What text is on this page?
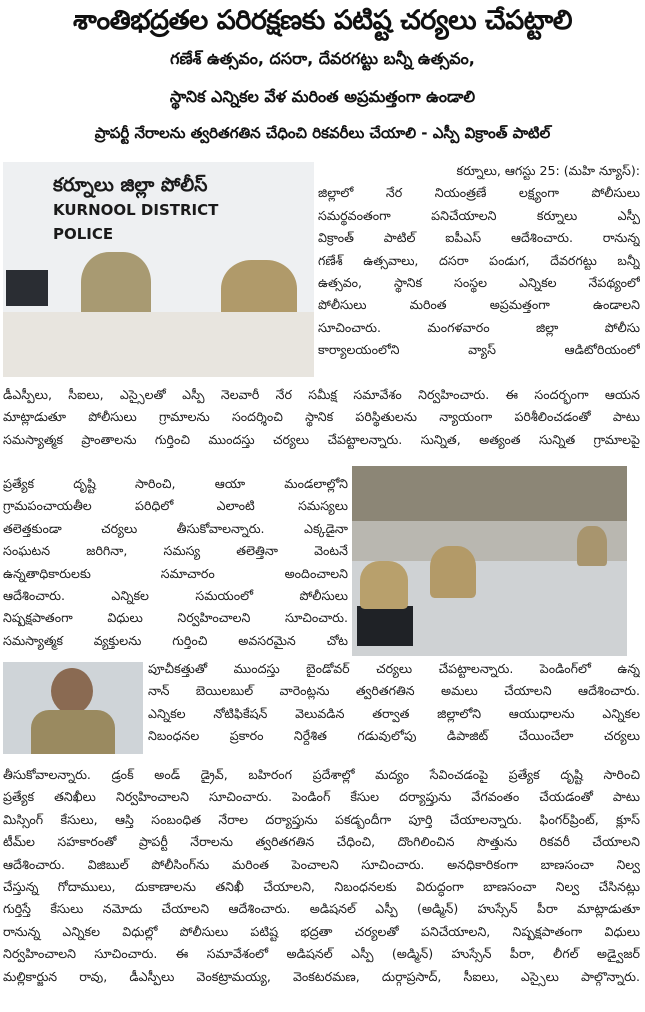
శాంతిభద్రతల పరిరక్షణకు పటిష్ట చర్యలు చేపట్టాలి
గణేశ్ ఉత్సవం, దసరా, దేవరగట్టు బన్నీ ఉత్సవం,
స్థానిక ఎన్నికల వేళ మరింత అప్రమత్తంగా ఉండాలి
ప్రాపర్టీ నేరాలను త్వరితగతిన చేధించి రికవరీలు చేయాలి - ఎస్పీ విక్రాంత్ పాటిల్
కర్నూలు జిల్లా పోలీస్
KURNOOL DISTRICT POLICE
కర్నూలు, ఆగస్టు 25: (మహి న్యూస్):
జిల్లాలో నేర నియంత్రణే లక్ష్యంగా పోలీసులు
సమర్థవంతంగా పనిచేయాలని కర్నూలు ఎస్పీ
విక్రాంత్ పాటిల్ ఐపీఎస్ ఆదేశించారు. రానున్న
గణేశ్ ఉత్సవాలు, దసరా పండుగ, దేవరగట్టు బన్నీ
ఉత్సవం, స్థానిక సంస్థల ఎన్నికల నేపథ్యంలో
పోలీసులు మరింత అప్రమత్తంగా ఉండాలని
సూచించారు. మంగళవారం జిల్లా పోలీసు
కార్యాలయంలోని వ్యాస్ ఆడిటోరియంలో
డీఎస్పీలు, సీఐలు, ఎస్సైలతో ఎస్పీ నెలవారీ నేర సమీక్ష సమావేశం నిర్వహించారు. ఈ సందర్భంగా ఆయన
మాట్లాడుతూ పోలీసులు గ్రామాలను సందర్శించి స్థానిక పరిస్థితులను న్యాయంగా పరిశీలించడంతో పాటు
సమస్యాత్మక ప్రాంతాలను గుర్తించి ముందస్తు చర్యలు చేపట్టాలన్నారు. సున్నిత, అత్యంత సున్నిత గ్రామాలపై
ప్రత్యేక దృష్టి సారించి, ఆయా మండలాల్లోని
గ్రామపంచాయతీల పరిధిలో ఎలాంటి సమస్యలు
తలెత్తకుండా చర్యలు తీసుకోవాలన్నారు. ఎక్కడైనా
సంఘటన జరిగినా, సమస్య తలెత్తినా వెంటనే
ఉన్నతాధికారులకు సమాచారం అందించాలని
ఆదేశించారు. ఎన్నికల సమయంలో పోలీసులు
నిష్పక్షపాతంగా విధులు నిర్వహించాలని సూచించారు.
సమస్యాత్మక వ్యక్తులను గుర్తించి అవసరమైన చోట
పూచీకత్తుతో ముందస్తు బైండోవర్ చర్యలు చేపట్టాలన్నారు. పెండింగ్‌లో ఉన్న
నాన్ బెయిలబుల్ వారెంట్లను త్వరితగతిన అమలు చేయాలని ఆదేశించారు.
ఎన్నికల నోటిఫికేషన్ వెలువడిన తర్వాత జిల్లాలోని ఆయుధాలను ఎన్నికల
నిబంధనల ప్రకారం నిర్దేశిత గడువులోపు డిపాజిట్ చేయించేలా చర్యలు
తీసుకోవాలన్నారు. డ్రంక్ అండ్ డ్రైవ్, బహిరంగ ప్రదేశాల్లో మద్యం సేవించడంపై ప్రత్యేక దృష్టి సారించి
ప్రత్యేక తనిఖీలు నిర్వహించాలని సూచించారు. పెండింగ్ కేసుల దర్యాప్తును వేగవంతం చేయడంతో పాటు
మిస్సింగ్ కేసులు, ఆస్తి సంబంధిత నేరాల దర్యాప్తును పకడ్బందీగా పూర్తి చేయాలన్నారు. ఫింగర్‌ప్రింట్, క్లూస్
టీమ్‌ల సహకారంతో ప్రాపర్టీ నేరాలను త్వరితగతిన చేధించి, దొంగిలించిన సొత్తును రికవరీ చేయాలని
ఆదేశించారు. విజిబుల్ పోలీసింగ్‌ను మరింత పెంచాలని సూచించారు. అనధికారికంగా బాణసంచా నిల్వ
చేస్తున్న గోదాములు, దుకాణాలను తనిఖీ చేయాలని, నిబంధనలకు విరుద్ధంగా బాణసంచా నిల్వ చేసినట్లు
గుర్తిస్తే కేసులు నమోదు చేయాలని ఆదేశించారు. అడిషనల్ ఎస్పీ (అడ్మిన్) హుస్సేన్ పీరా మాట్లాడుతూ
రానున్న ఎన్నికల విధుల్లో పోలీసులు పటిష్ట భద్రతా చర్యలతో పనిచేయాలని, నిష్పక్షపాతంగా విధులు
నిర్వహించాలని సూచించారు. ఈ సమావేశంలో అడిషనల్ ఎస్పీ (అడ్మిన్) హుస్సేన్ పీరా, లీగల్ అడ్వైజర్
మల్లికార్జున రావు, డీఎస్పీలు వెంకట్రామయ్య, వెంకటరమణ, దుర్గాప్రసాద్, సీఐలు, ఎస్సైలు పాల్గొన్నారు.
